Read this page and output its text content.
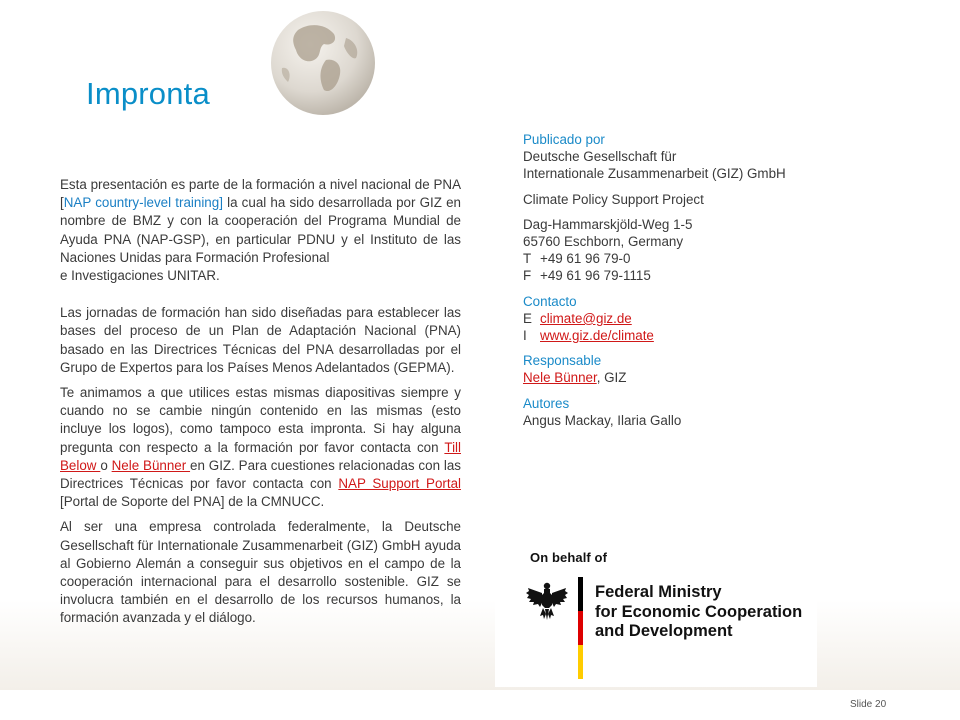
Impronta

Esta presentación es parte de la formación a nivel nacional de PNA [NAP country-level training] la cual ha sido desarrollada por GIZ en nombre de BMZ y con la cooperación del Programa Mundial de Ayuda PNA (NAP-GSP), en particular PDNU y el Instituto de las Naciones Unidas para Formación Profesional
e Investigaciones UNITAR.

Las jornadas de formación han sido diseñadas para establecer las bases del proceso de un Plan de Adaptación Nacional (PNA) basado en las Directrices Técnicas del PNA desarrolladas por el Grupo de Expertos para los Países Menos Adelantados (GEPMA).

Te animamos a que utilices estas mismas diapositivas siempre y cuando no se cambie ningún contenido en las mismas (esto incluye los logos), como tampoco esta impronta. Si hay alguna pregunta con respecto a la formación por favor contacta con Till Below o Nele Bünner en GIZ. Para cuestiones relacionadas con las Directrices Técnicas por favor contacta con NAP Support Portal [Portal de Soporte del PNA] de la CMNUCC.

Al ser una empresa controlada federalmente, la Deutsche Gesellschaft für Internationale Zusammenarbeit (GIZ) GmbH ayuda al Gobierno Alemán a conseguir sus objetivos en el campo de la cooperación internacional para el desarrollo sostenible. GIZ se involucra también en el desarrollo de los recursos humanos, la formación avanzada y el diálogo.

Publicado por
Deutsche Gesellschaft für
Internationale Zusammenarbeit (GIZ) GmbH

Climate Policy Support Project

Dag-Hammarskjöld-Weg 1-5
65760 Eschborn, Germany
T +49 61 96 79-0
F +49 61 96 79-1115

Contacto
E climate@giz.de
I www.giz.de/climate

Responsable
Nele Bünner, GIZ

Autores
Angus Mackay, Ilaria Gallo

On behalf of
Federal Ministry
for Economic Cooperation
and Development
Slide 20
